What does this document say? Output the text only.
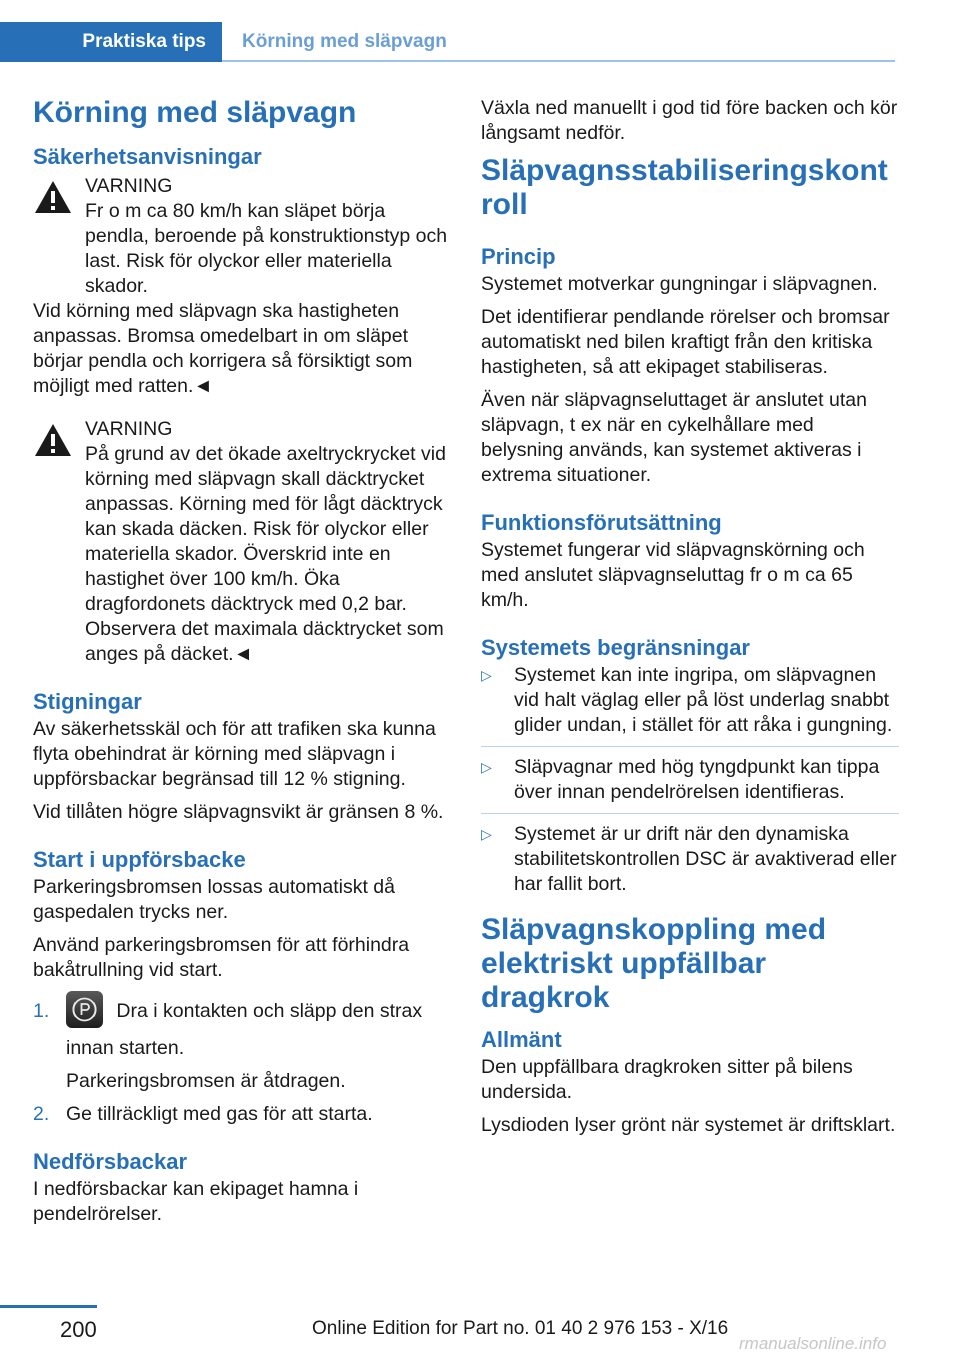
Praktiska tips	Körning med släpvagn
Körning med släpvagn
Säkerhetsanvisningar
VARNING
Fr o m ca 80 km/h kan släpet börja pendla, beroende på konstruktionstyp och last. Risk för olyckor eller materiella skador.

Vid körning med släpvagn ska hastigheten anpassas. Bromsa omedelbart in om släpet börjar pendla och korrigera så försiktigt som möjligt med ratten.◄

VARNING
På grund av det ökade axeltryckrycket vid körning med släpvagn skall däcktrycket anpassas. Körning med för lågt däcktryck kan skada däcken. Risk för olyckor eller materiella skador. Överskrid inte en hastighet över 100 km/h. Öka dragfordonets däcktryck med 0,2 bar. Observera det maximala däcktrycket som anges på däcket.◄
Stigningar

Av säkerhetsskäl och för att trafiken ska kunna flyta obehindrat är körning med släpvagn i uppförsbackar begränsad till 12 % stigning.

Vid tillåten högre släpvagnsvikt är gränsen 8 %.

Start i uppförsbacke

Parkeringsbromsen lossas automatiskt då gaspedalen trycks ner.

Använd parkeringsbromsen för att förhindra bakåtrullning vid start.

1.	Dra i kontakten och släpp den strax innan starten.
Parkeringsbromsen är åtdragen.
2. Ge tillräckligt med gas för att starta.
Nedförsbackar

I nedförsbackar kan ekipaget hamna i pendelrörelser.

Växla ned manuellt i god tid före backen och kör långsamt nedför.

Släpvagnsstabiliseringskontroll
Princip

Systemet motverkar gungningar i släpvagnen.

Det identifierar pendlande rörelser och bromsar automatiskt ned bilen kraftigt från den kritiska hastigheten, så att ekipaget stabiliseras.

Även när släpvagnseluttaget är anslutet utan släpvagn, t ex när en cykelhållare med belysning används, kan systemet aktiveras i extrema situationer.

Funktionsförutsättning

Systemet fungerar vid släpvagnskörning och med anslutet släpvagnseluttag fr o m ca 65 km/h.

Systemets begränsningar
▷ Systemet kan inte ingripa, om släpvagnen vid halt väglag eller på löst underlag snabbt glider undan, i stället för att råka i gungning.
▷ Släpvagnar med hög tyngdpunkt kan tippa över innan pendelrörelsen identifieras.
▷ Systemet är ur drift när den dynamiska stabilitetskontrollen DSC är avaktiverad eller har fallit bort.
Släpvagnskoppling med elektriskt uppfällbar dragkrok
Allmänt

Den uppfällbara dragkroken sitter på bilens undersida.

Lysdioden lyser grönt när systemet är driftsklart.

200	Online Edition for Part no. 01 40 2 976 153 - X/16
rmanualsonline.info
